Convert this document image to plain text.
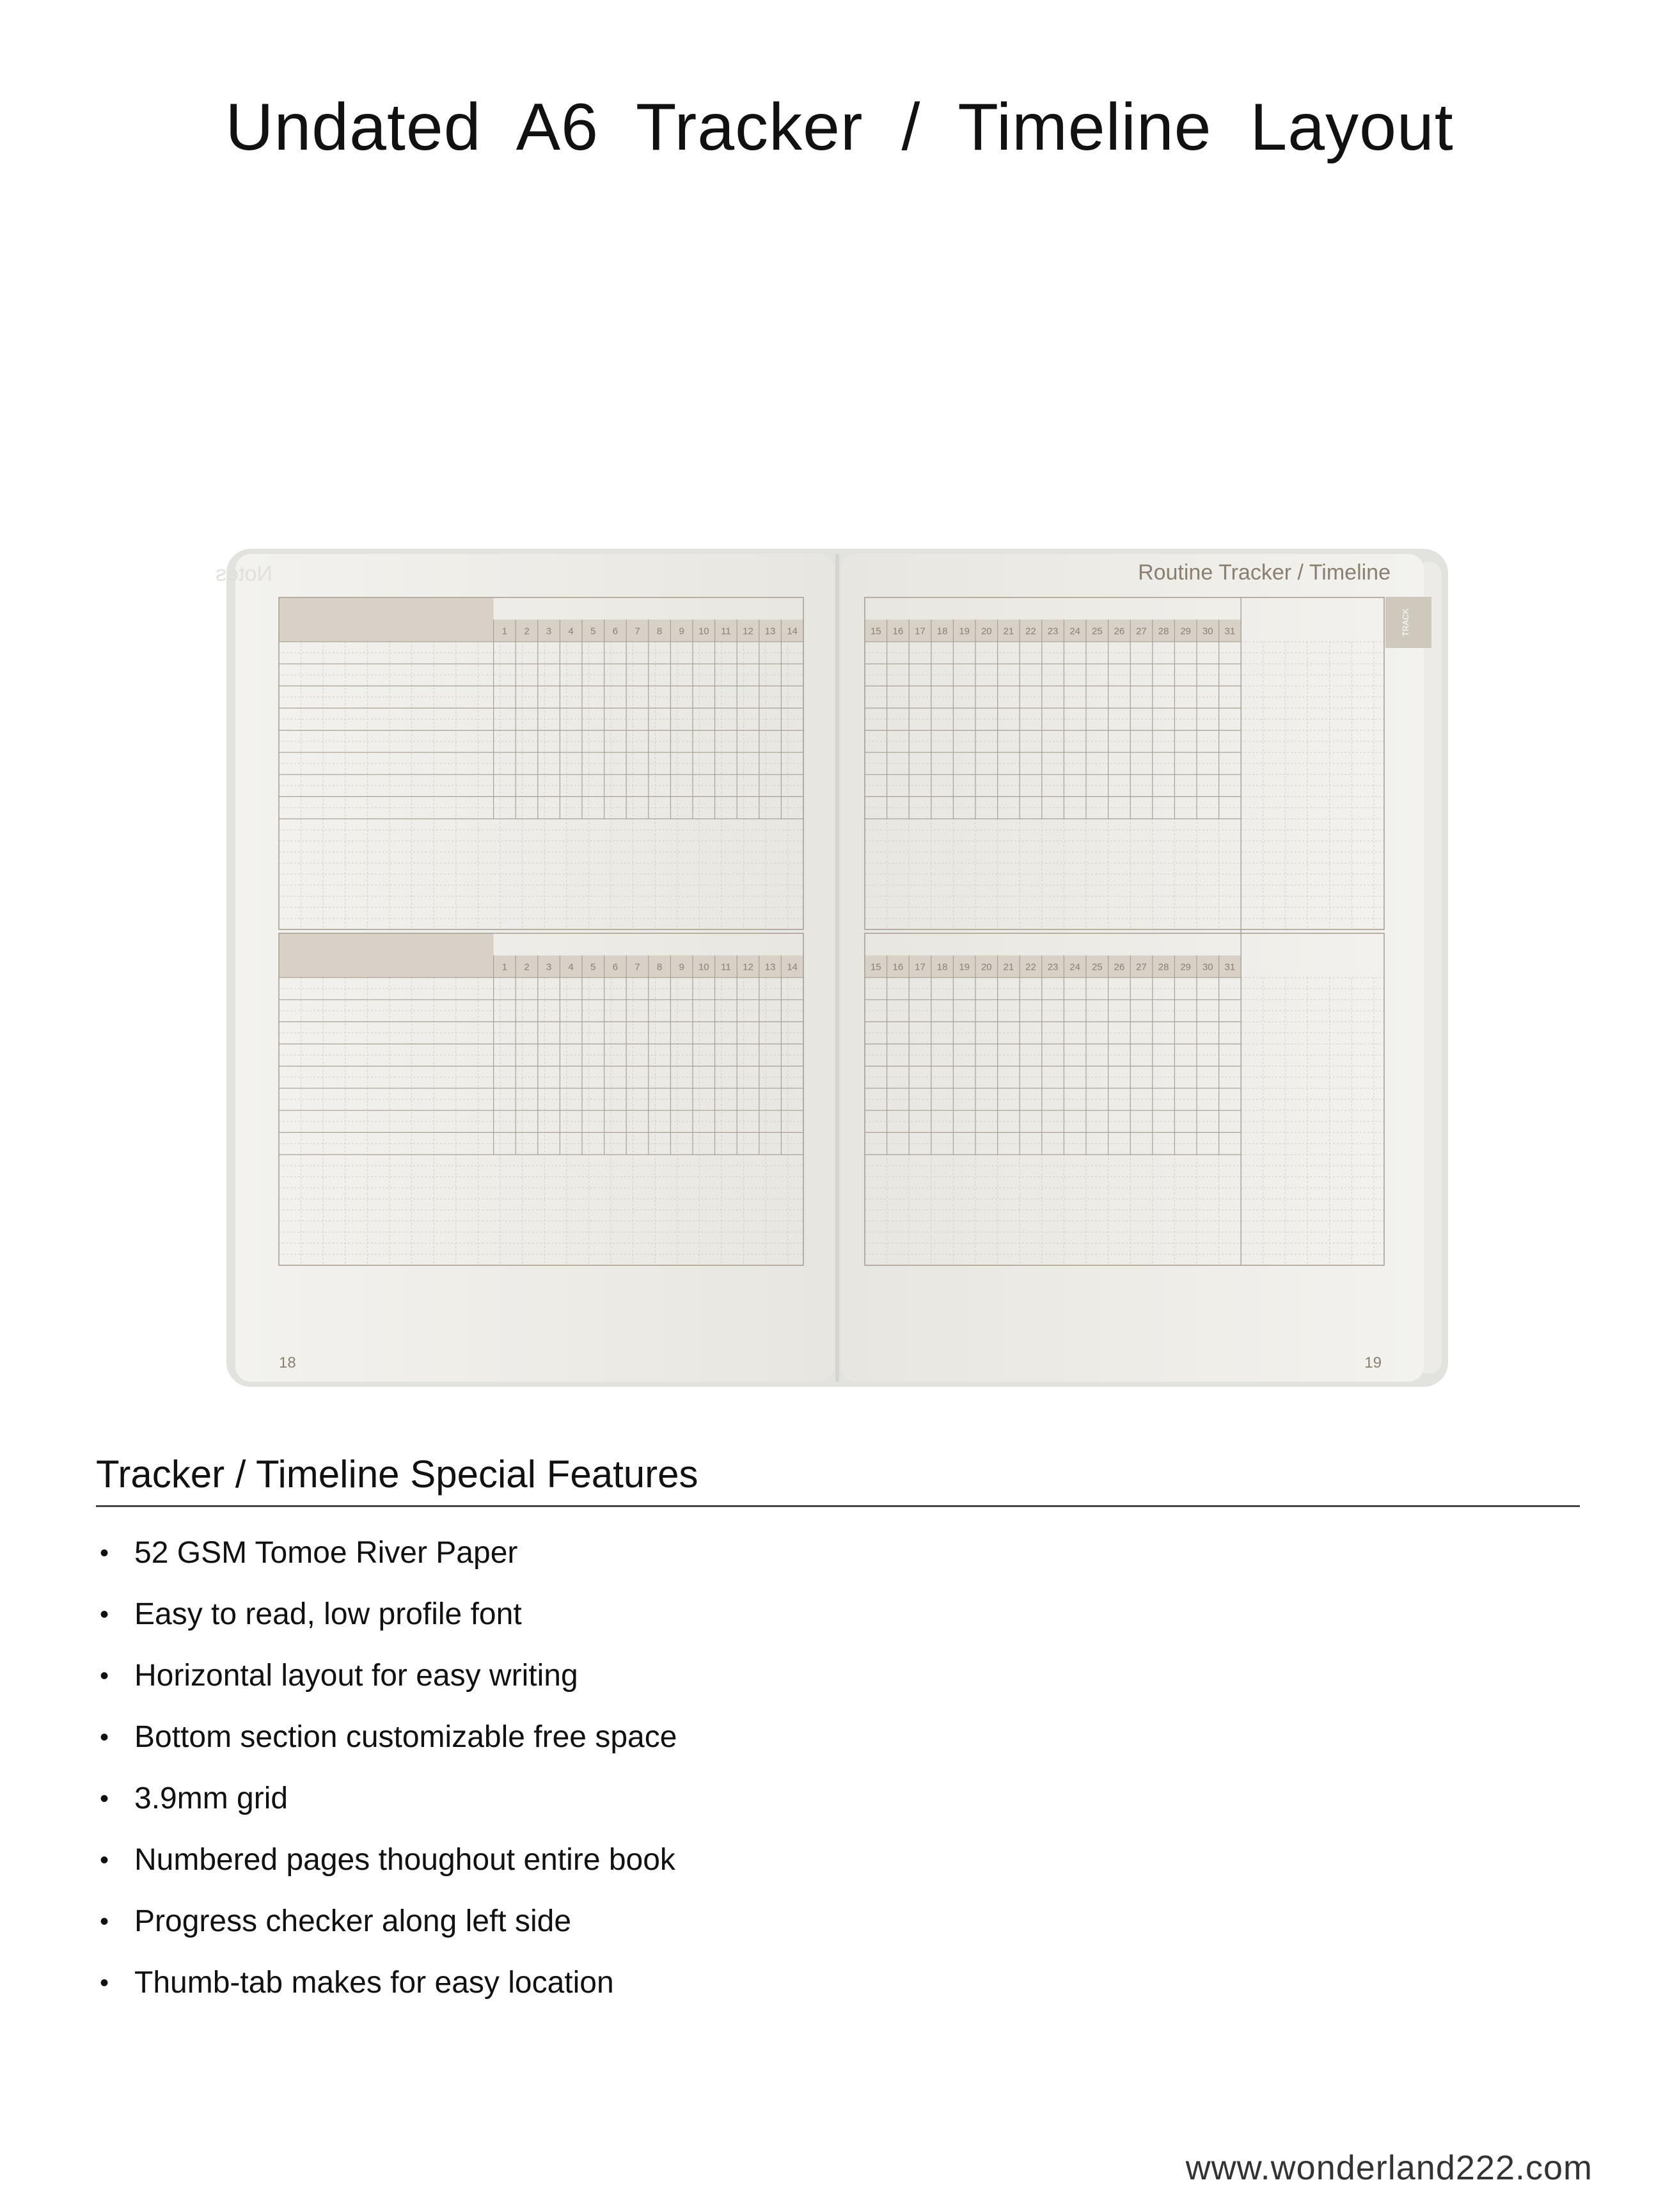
Undated A6 Tracker / Timeline Layout
Notes	Routine Tracker / Timeline
1 2 3 4 5 6 7 8 9 10 11 12 13 14
1 2 3 4 5 6 7 8 9 10 11 12 13 14
15 16 17 18 19 20 21 22 23 24 25 26 27 28 29 30 31
15 16 17 18 19 20 21 22 23 24 25 26 27 28 29 30 31
TRACK
18	19
Tracker / Timeline Special Features
• 52 GSM Tomoe River Paper
• Easy to read, low profile font
• Horizontal layout for easy writing
• Bottom section customizable free space
• 3.9mm grid
• Numbered pages thoughout entire book
• Progress checker along left side
• Thumb-tab makes for easy location
www.wonderland222.com
